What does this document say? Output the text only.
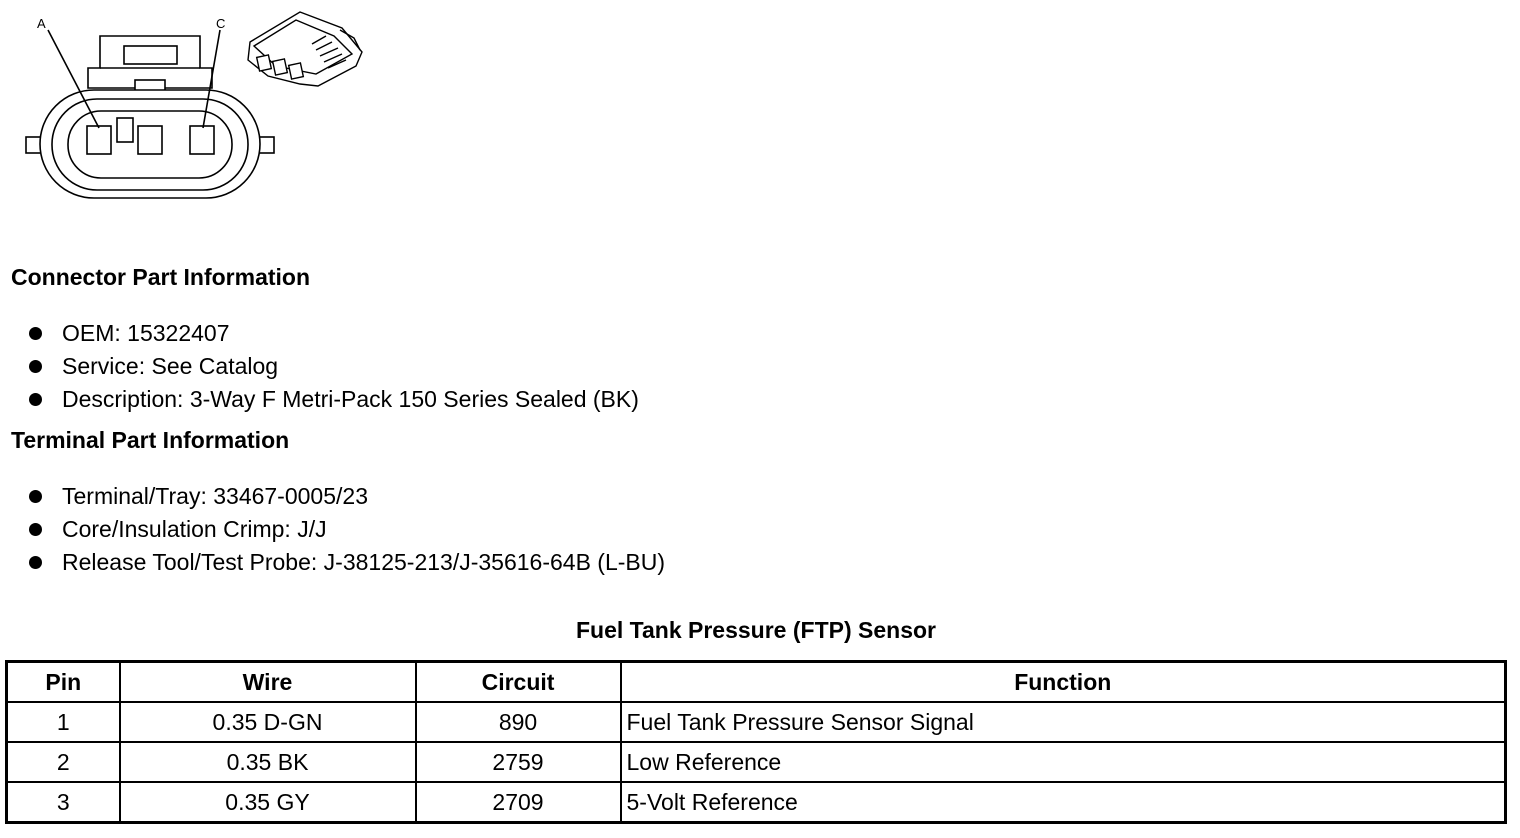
A	C
Connector Part Information
OEM: 15322407
Service: See Catalog
Description: 3-Way F Metri-Pack 150 Series Sealed (BK)
Terminal Part Information
Terminal/Tray: 33467-0005/23
Core/Insulation Crimp: J/J
Release Tool/Test Probe: J-38125-213/J-35616-64B (L-BU)
Fuel Tank Pressure (FTP) Sensor
Pin	Wire	Circuit	Function
1	0.35 D-GN	890	Fuel Tank Pressure Sensor Signal
2	0.35 BK	2759	Low Reference
3	0.35 GY	2709	5-Volt Reference
